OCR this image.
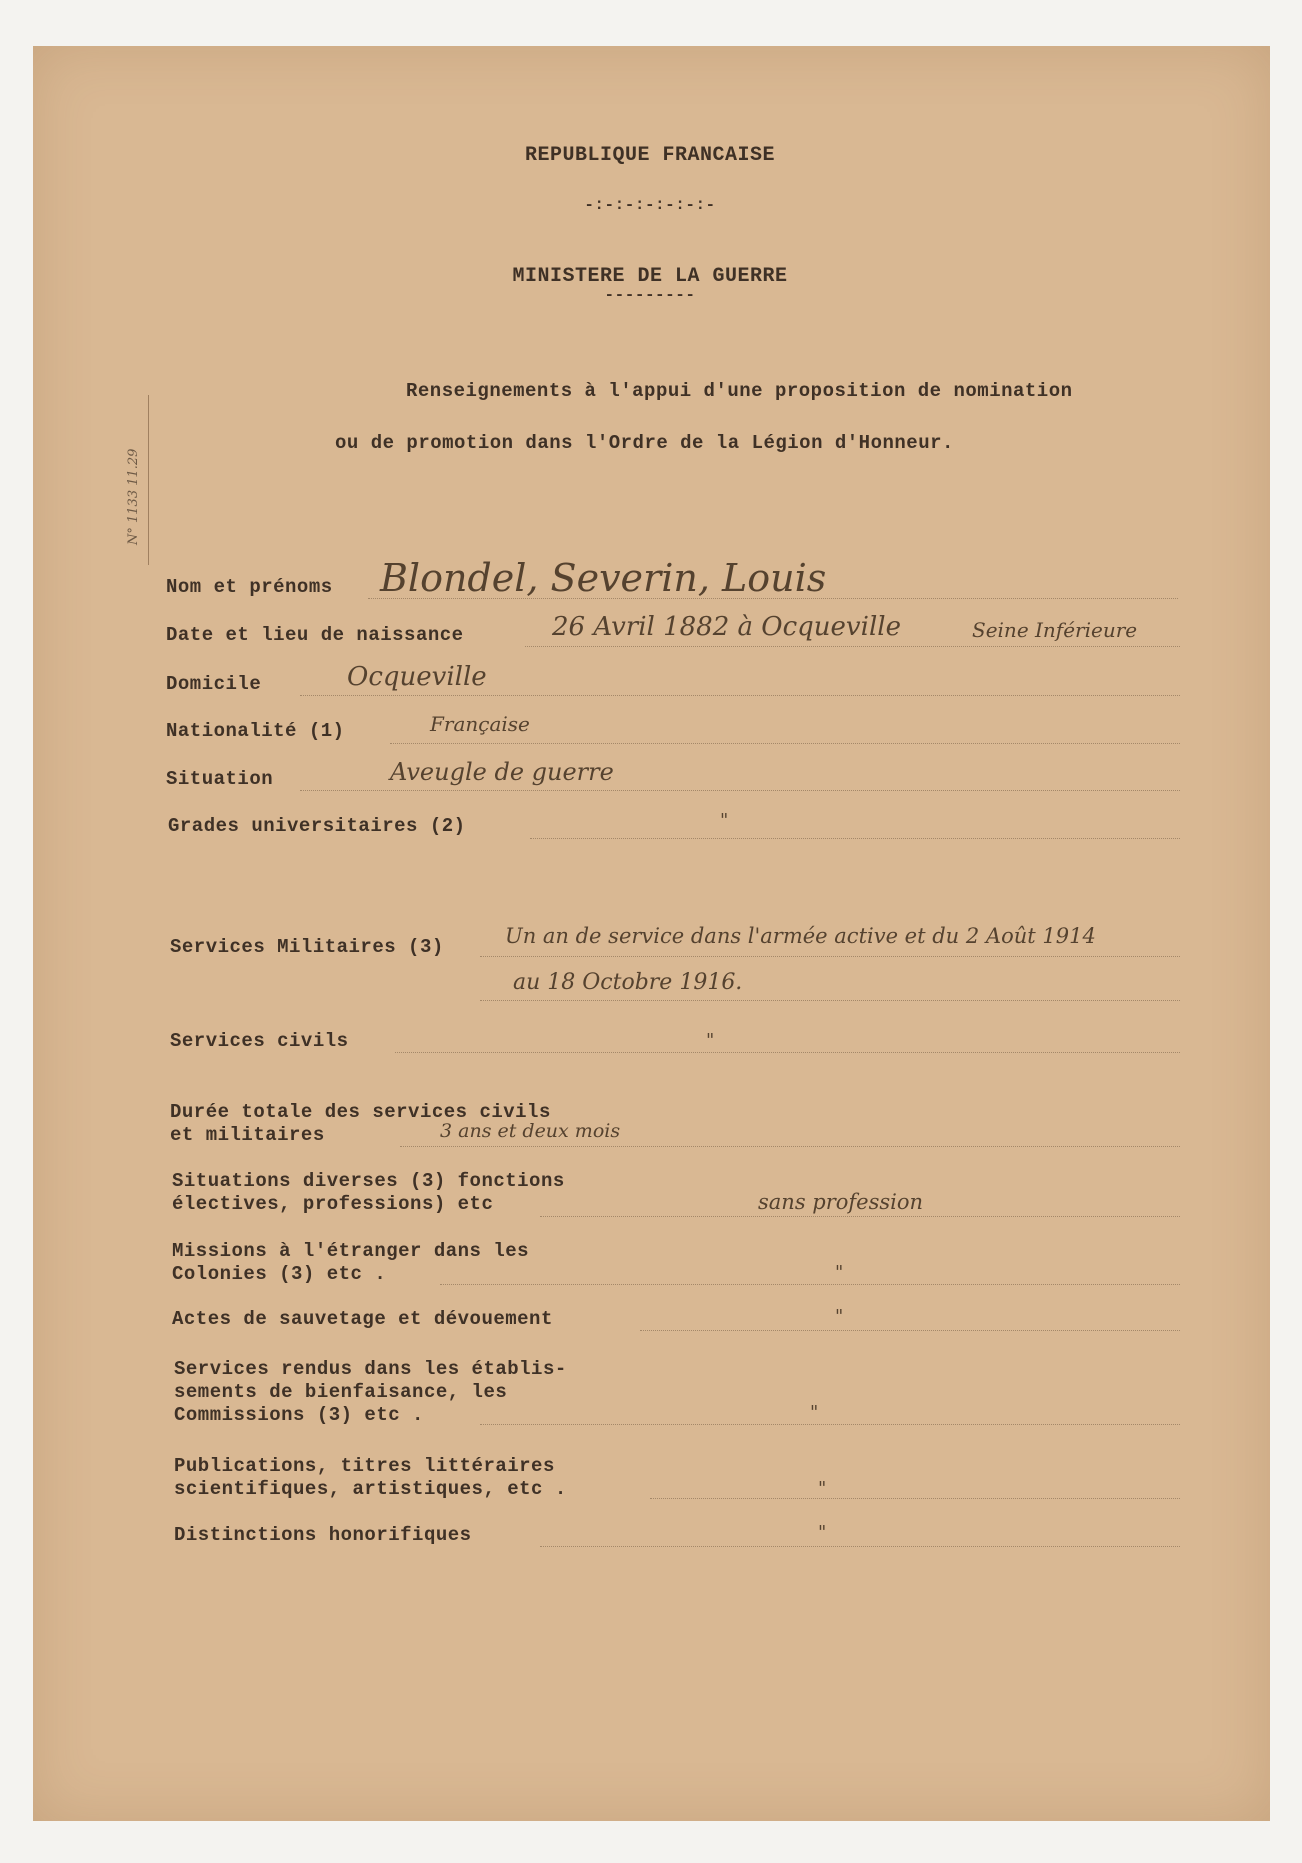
REPUBLIQUE FRANCAISE
-:-:-:-:-:-:-
MINISTERE DE LA GUERRE
---------
Renseignements à l'appui d'une proposition de nomination
ou de promotion dans l'Ordre de la Légion d'Honneur.
N° 1133 11.29
Nom et prénoms Blondel, Severin, Louis
Date et lieu de naissance	26 Avril 1882 à Ocqueville	Seine Inférieure
Domicile	Ocqueville
Nationalité (1)	Française
Situation	Aveugle de guerre
Grades universitaires (2)	"
Services Militaires (3)	Un an de service dans l'armée active et du 2 Août 1914
au 18 Octobre 1916.
Services civils	"
Durée totale des services civils
et militaires	3 ans et deux mois
Situations diverses (3) fonctions
électives, professions) etc	sans profession
Missions à l'étranger dans les
Colonies (3) etc .	"
Actes de sauvetage et dévouement	"
Services rendus dans les établis-
sements de bienfaisance, les
Commissions (3) etc .	"
Publications, titres littéraires
scientifiques, artistiques, etc .	"
Distinctions honorifiques	"
